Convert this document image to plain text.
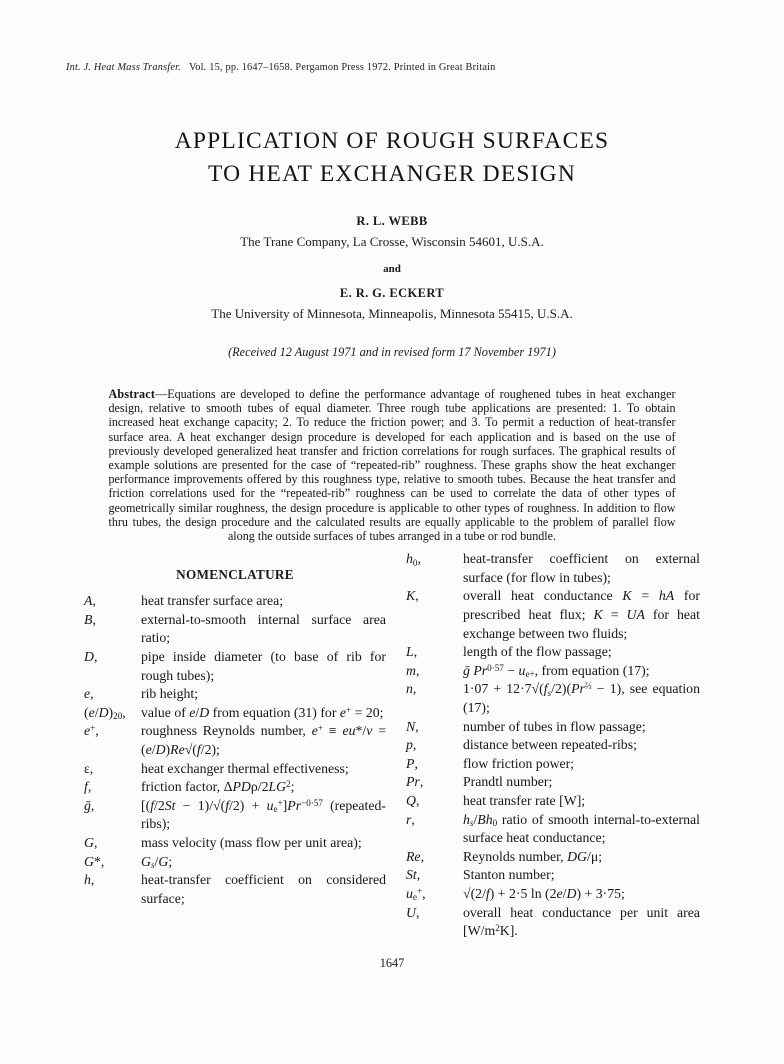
Int. J. Heat Mass Transfer. Vol. 15, pp. 1647–1658. Pergamon Press 1972. Printed in Great Britain
APPLICATION OF ROUGH SURFACES
TO HEAT EXCHANGER DESIGN
R. L. WEBB
The Trane Company, La Crosse, Wisconsin 54601, U.S.A.
and
E. R. G. ECKERT
The University of Minnesota, Minneapolis, Minnesota 55415, U.S.A.
(Received 12 August 1971 and in revised form 17 November 1971)

Abstract—Equations are developed to define the performance advantage of roughened tubes in heat exchanger design, relative to smooth tubes of equal diameter. Three rough tube applications are presented: 1. To obtain increased heat exchange capacity; 2. To reduce the friction power; and 3. To permit a reduction of heat-transfer surface area. A heat exchanger design procedure is developed for each application and is based on the use of previously developed generalized heat transfer and friction correlations for rough surfaces. The graphical results of example solutions are presented for the case of “repeated-rib” roughness. These graphs show the heat exchanger performance improvements offered by this roughness type, relative to smooth tubes. Because the heat transfer and friction correlations used for the “repeated-rib” roughness can be used to correlate the data of other types of geometrically similar roughness, the design procedure is applicable to other types of roughness. In addition to flow thru tubes, the design procedure and the calculated results are equally applicable to the problem of parallel flow along the outside surfaces of tubes arranged in a tube or rod bundle.

NOMENCLATURE
A,	heat transfer surface area;
B,	external-to-smooth internal surface area ratio;
D,	pipe inside diameter (to base of rib for rough tubes);
e,	rib height;
$(e/D)_{20}$,	value of e/D from equation (31) for e+ = 20;
e+,	roughness Reynolds number, e+ ≡ eu*/ν = (e/D)Re√(f/2);
ε,	heat exchanger thermal effectiveness;
f,	friction factor, ΔPDρ/$2LG^2$;
ḡ,	$[(f/2St - 1)/√(f/2) + u_e^+]Pr^{-0\cdot 57}$ (repeated-ribs);
G,	mass velocity (mass flow per unit area);
G*,	$G_s/G$;
h,	heat-transfer coefficient on considered surface;
$h_0$,	heat-transfer coefficient on external surface (for flow in tubes);
K,	overall heat conductance K = hA for prescribed heat flux; K = UA for heat exchange between two fluids;
L,	length of the flow passage;
m,	ḡ $Pr^{0\cdot 57} - u_{e+}$, from equation (17);
n,	$1\cdot 07 + 12\cdot 7√(f_s/2)(Pr^{\frac{2}{3}} - 1)$, see equation (17);
N,	number of tubes in flow passage;
p,	distance between repeated-ribs;
P,	flow friction power;
Pr,	Prandtl number;
Q,	heat transfer rate [W];
r,	$h_s/Bh_0$ ratio of smooth internal-to-external surface heat conductance;
Re,	Reynolds number, DG/μ;
St,	Stanton number;
$u_e^+$,	√(2/f) + 2·5 ln (2e/D) + 3·75;
U,	overall heat conductance per unit area $[W/m^2K]$.
1647
